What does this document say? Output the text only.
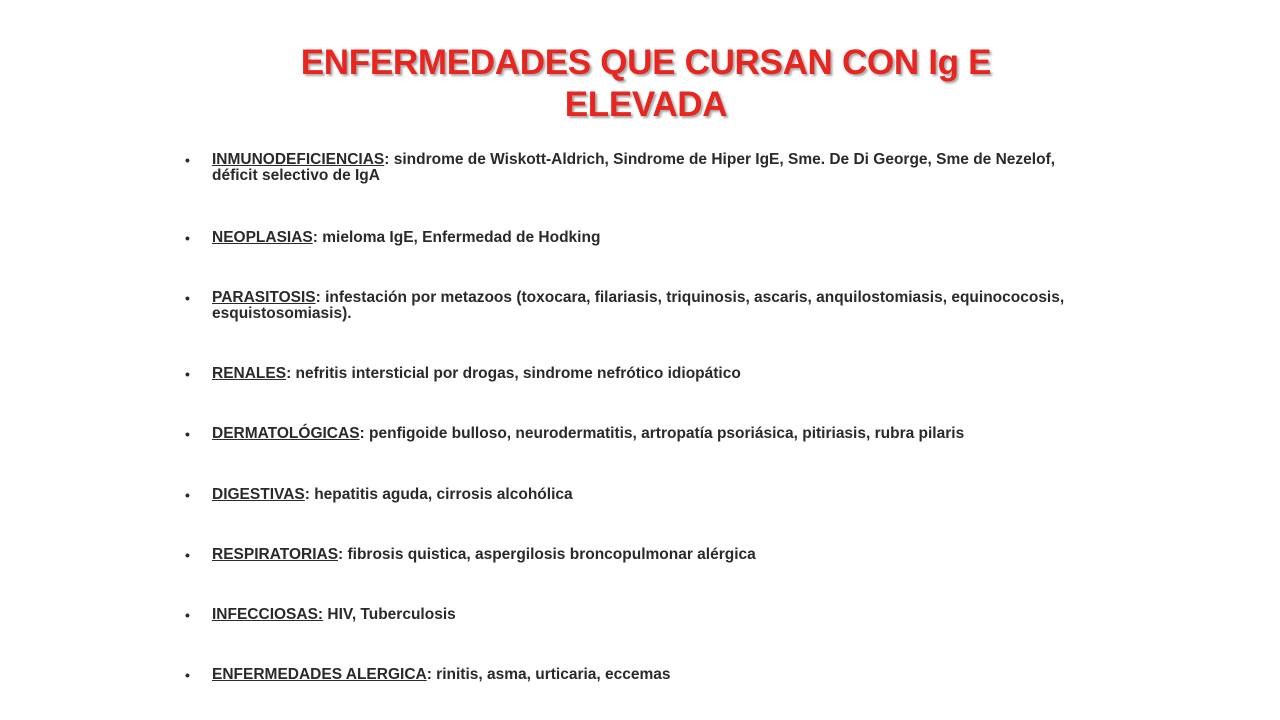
ENFERMEDADES QUE CURSAN CON Ig E
ELEVADA
•	INMUNODEFICIENCIAS: sindrome de Wiskott-Aldrich, Sindrome de Hiper IgE, Sme. De Di George, Sme de Nezelof, déficit selectivo de IgA
•	NEOPLASIAS: mieloma IgE, Enfermedad de Hodking
•	PARASITOSIS: infestación por metazoos (toxocara, filariasis, triquinosis, ascaris, anquilostomiasis, equinococosis, esquistosomiasis).
•	RENALES: nefritis intersticial por drogas, sindrome nefrótico idiopático
•	DERMATOLÓGICAS: penfigoide bulloso, neurodermatitis, artropatía psoriásica, pitiriasis, rubra pilaris
•	DIGESTIVAS: hepatitis aguda, cirrosis alcohólica
•	RESPIRATORIAS: fibrosis quistica, aspergilosis broncopulmonar alérgica
•	INFECCIOSAS: HIV, Tuberculosis
•	ENFERMEDADES ALERGICA: rinitis, asma, urticaria, eccemas
